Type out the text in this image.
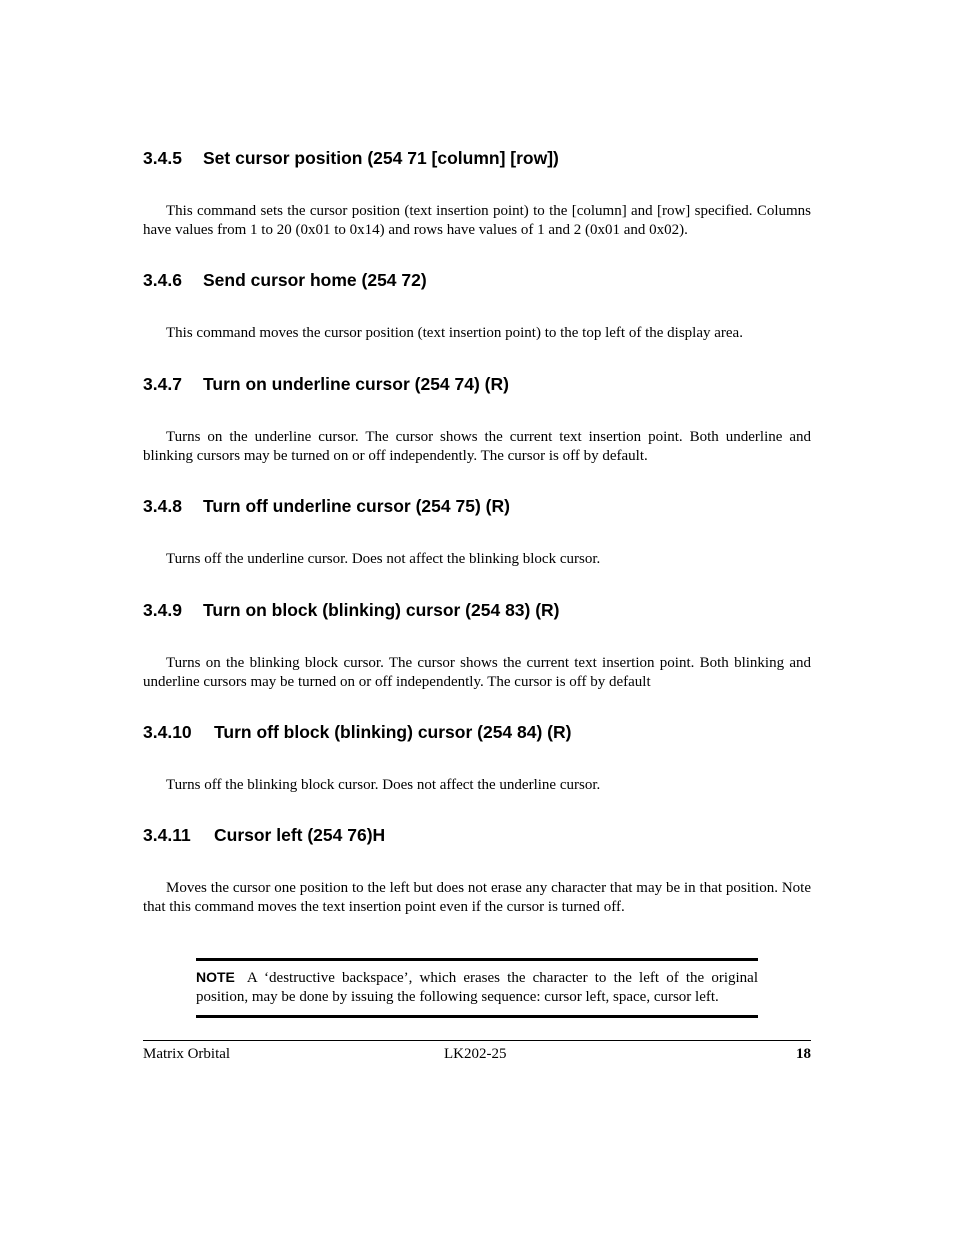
3.4.5 Set cursor position (254 71 [column] [row])
This command sets the cursor position (text insertion point) to the [column] and [row] specified. Columns have values from 1 to 20 (0x01 to 0x14) and rows have values of 1 and 2 (0x01 and 0x02).
3.4.6 Send cursor home (254 72)
This command moves the cursor position (text insertion point) to the top left of the display area.
3.4.7 Turn on underline cursor (254 74) (R)
Turns on the underline cursor. The cursor shows the current text insertion point. Both underline and blinking cursors may be turned on or off independently. The cursor is off by default.
3.4.8 Turn off underline cursor (254 75) (R)
Turns off the underline cursor. Does not affect the blinking block cursor.
3.4.9 Turn on block (blinking) cursor (254 83) (R)
Turns on the blinking block cursor. The cursor shows the current text insertion point. Both blinking and underline cursors may be turned on or off independently. The cursor is off by default
3.4.10 Turn off block (blinking) cursor (254 84) (R)
Turns off the blinking block cursor. Does not affect the underline cursor.
3.4.11 Cursor left (254 76)H
Moves the cursor one position to the left but does not erase any character that may be in that position. Note that this command moves the text insertion point even if the cursor is turned off.
NOTE A ‘destructive backspace’, which erases the character to the left of the original position, may be done by issuing the following sequence: cursor left, space, cursor left.
Matrix Orbital	LK202-25	18
